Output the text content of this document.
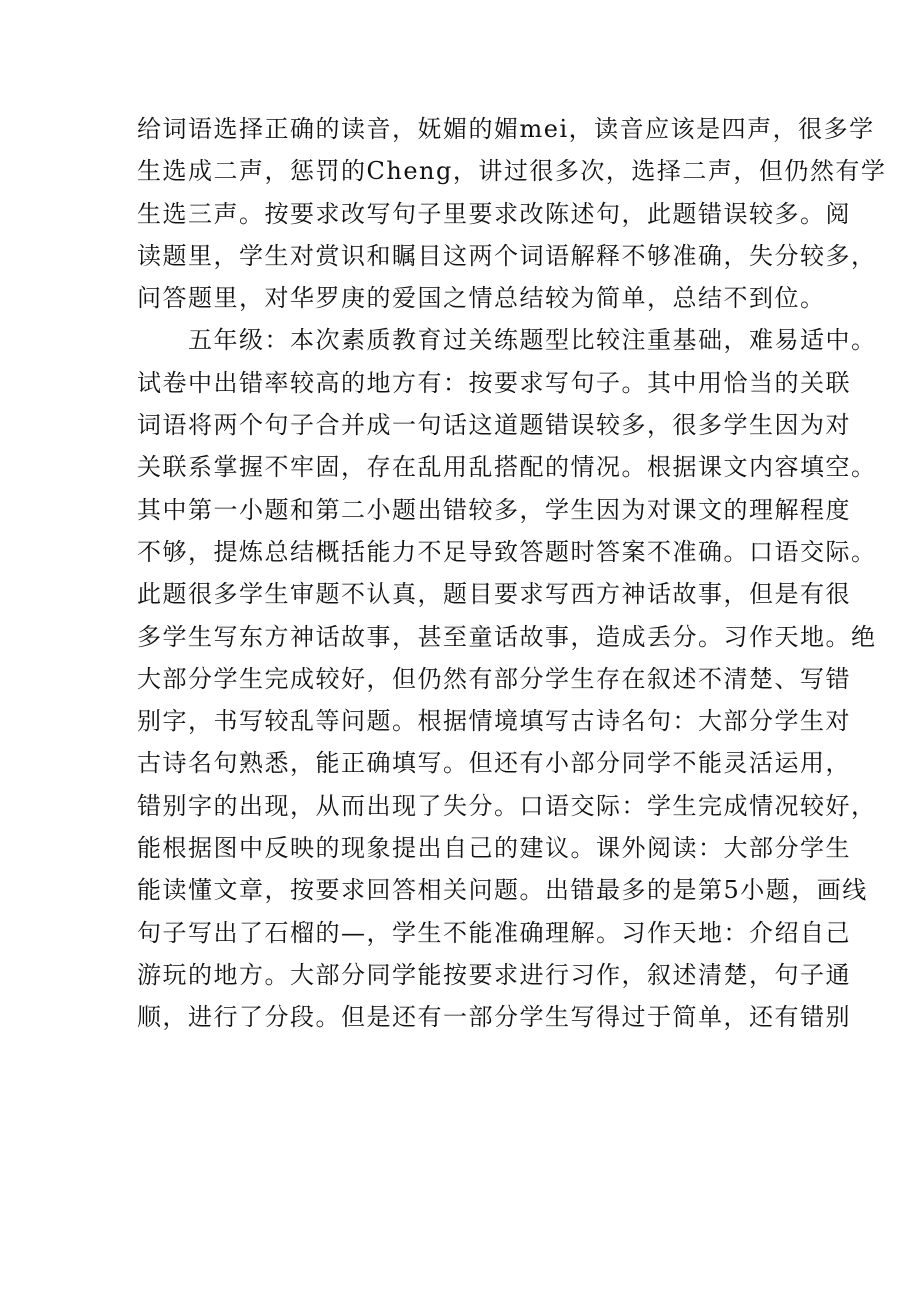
给词语选择正确的读音，妩媚的媚mei，读音应该是四声，很多学
生选成二声，惩罚的Cheng，讲过很多次，选择二声，但仍然有学
生选三声。按要求改写句子里要求改陈述句，此题错误较多。阅
读题里，学生对赏识和瞩目这两个词语解释不够准确，失分较多，
问答题里，对华罗庚的爱国之情总结较为简单，总结不到位。
　　五年级：本次素质教育过关练题型比较注重基础，难易适中。
试卷中出错率较高的地方有：按要求写句子。其中用恰当的关联
词语将两个句子合并成一句话这道题错误较多，很多学生因为对
关联系掌握不牢固，存在乱用乱搭配的情况。根据课文内容填空。
其中第一小题和第二小题出错较多，学生因为对课文的理解程度
不够，提炼总结概括能力不足导致答题时答案不准确。口语交际。
此题很多学生审题不认真，题目要求写西方神话故事，但是有很
多学生写东方神话故事，甚至童话故事，造成丢分。习作天地。绝
大部分学生完成较好，但仍然有部分学生存在叙述不清楚、写错
别字，书写较乱等问题。根据情境填写古诗名句：大部分学生对
古诗名句熟悉，能正确填写。但还有小部分同学不能灵活运用，
错别字的出现，从而出现了失分。口语交际：学生完成情况较好，
能根据图中反映的现象提出自己的建议。课外阅读：大部分学生
能读懂文章，按要求回答相关问题。出错最多的是第5小题，画线
句子写出了石榴的—，学生不能准确理解。习作天地：介绍自己
游玩的地方。大部分同学能按要求进行习作，叙述清楚，句子通
顺，进行了分段。但是还有一部分学生写得过于简单，还有错别
